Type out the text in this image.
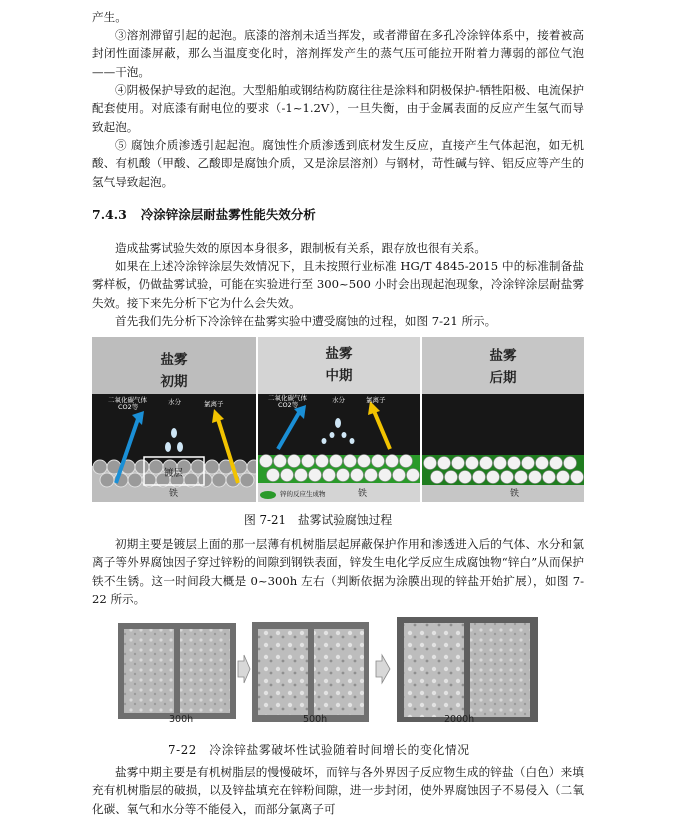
产生。

③溶剂滞留引起的起泡。底漆的溶剂未适当挥发，或者滞留在多孔冷涂锌体系中，接着被高封闭性面漆屏蔽，那么当温度变化时，溶剂挥发产生的蒸气压可能拉开附着力薄弱的部位气泡——干泡。

④阴极保护导致的起泡。大型船舶或钢结构防腐往往是涂料和阴极保护-牺牲阳极、电流保护配套使用。对底漆有耐电位的要求（-1~1.2V），一旦失衡，由于金属表面的反应产生氢气而导致起泡。

⑤ 腐蚀介质渗透引起起泡。腐蚀性介质渗透到底材发生反应，直接产生气体起泡，如无机酸、有机酸（甲酸、乙酸即是腐蚀介质，又是涂层溶剂）与钢材，苛性碱与锌、铝反应等产生的氢气导致起泡。

7.4.3 冷涂锌涂层耐盐雾性能失效分析

造成盐雾试验失效的原因本身很多，跟制板有关系，跟存放也很有关系。

如果在上述冷涂锌涂层失效情况下，且未按照行业标准 HG/T 4845-2015 中的标准制备盐雾样板，仍做盐雾试验，可能在实验进行至 300~500 小时会出现起泡现象，冷涂锌涂层耐盐雾失效。接下来先分析下它为什么会失效。

首先我们先分析下冷涂锌在盐雾实验中遭受腐蚀的过程，如图 7-21 所示。

盐雾
初期
二氧化碳气体
CO2等
水分	氯离子
镀层
铁
盐雾
中期
二氧化碳气体
CO2等
水分	氯离子
锌的反应生成物	铁
盐雾
后期
铁

图 7-21　盐雾试验腐蚀过程

初期主要是镀层上面的那一层薄有机树脂层起屏蔽保护作用和渗透进入后的气体、水分和氯离子等外界腐蚀因子穿过锌粉的间隙到钢铁表面，锌发生电化学反应生成腐蚀物“锌白”从而保护铁不生锈。这一时间段大概是 0~300h 左右（判断依据为涂膜出现的锌盐开始扩展），如图 7-22 所示。

300h	500h	2000h

7-22　冷涂锌盐雾破坏性试验随着时间增长的变化情况

盐雾中期主要是有机树脂层的慢慢破坏，而锌与各外界因子反应物生成的锌盐（白色）来填充有机树脂层的破损，以及锌盐填充在锌粉间隙，进一步封闭，使外界腐蚀因子不易侵入（二氧化碳、氧气和水分等不能侵入，而部分氯离子可
